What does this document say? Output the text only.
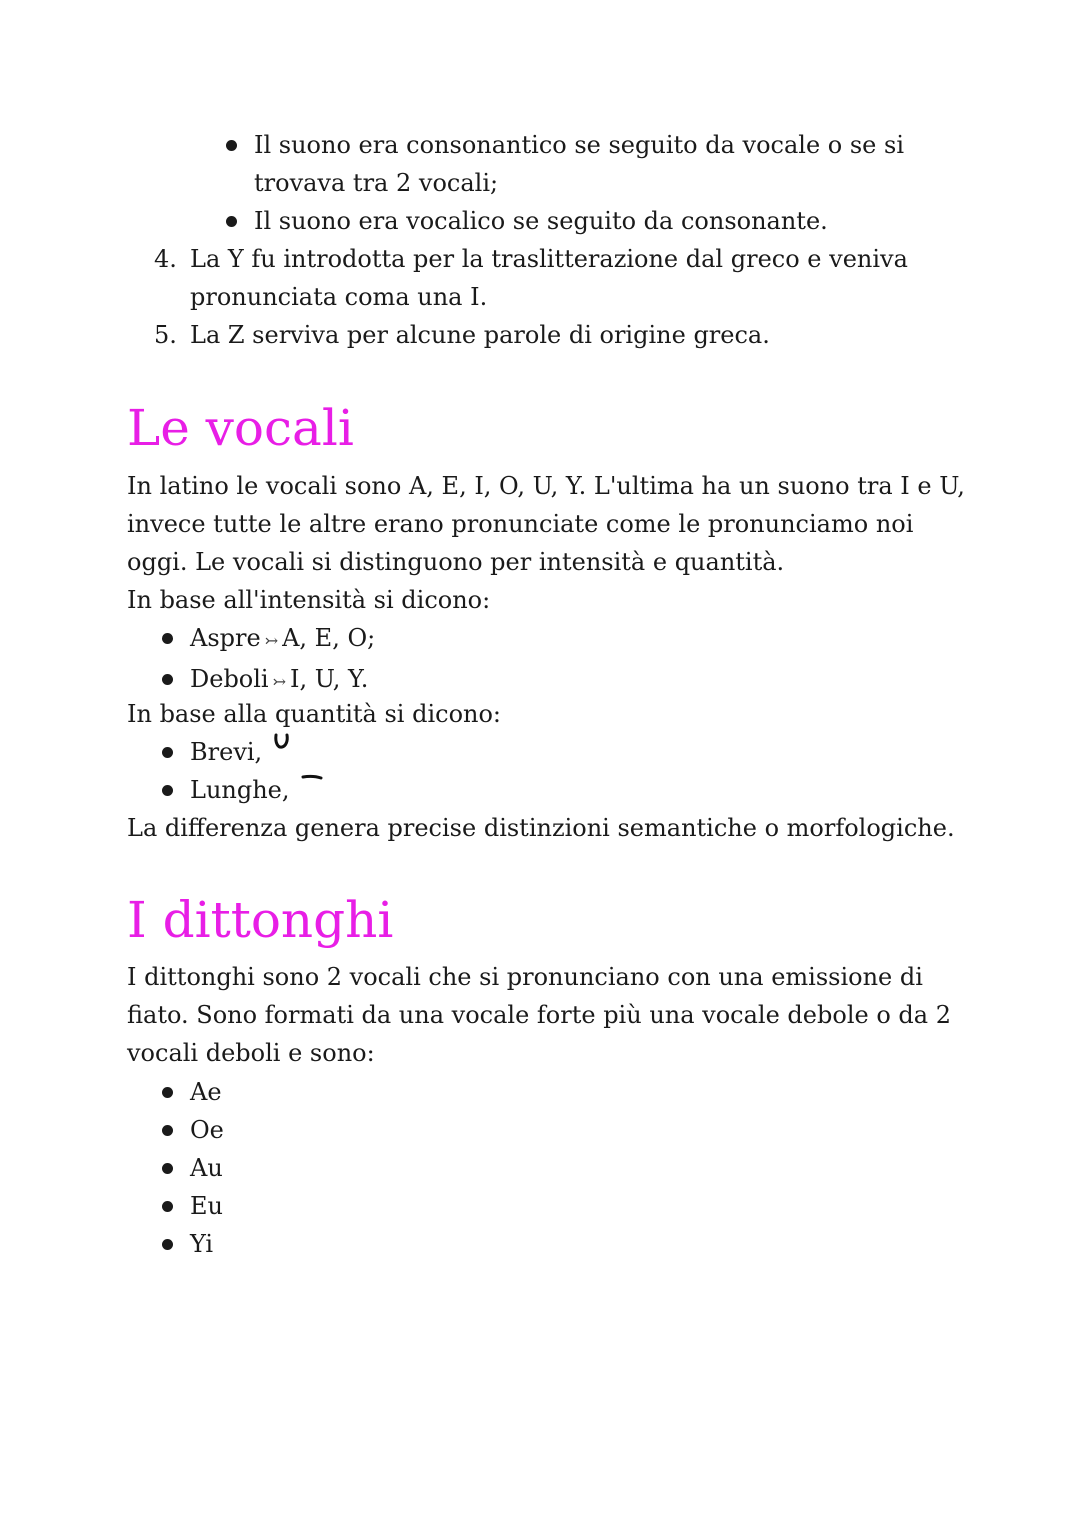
Il suono era consonantico se seguito da vocale o se si trovava tra 2 vocali;
Il suono era vocalico se seguito da consonante.
4. La Y fu introdotta per la traslitterazione dal greco e veniva pronunciata coma una I.
5. La Z serviva per alcune parole di origine greca.
Le vocali

In latino le vocali sono A, E, I, O, U, Y. L'ultima ha un suono tra I e U, invece tutte le altre erano pronunciate come le pronunciamo noi oggi. Le vocali si distinguono per intensità e quantità.

In base all'intensità si dicono:

Aspre ↣ A, E, O;
Deboli ↣ I, U, Y.

In base alla quantità si dicono:

Brevi,
Lunghe,

La differenza genera precise distinzioni semantiche o morfologiche.

I dittonghi

I dittonghi sono 2 vocali che si pronunciano con una emissione di fiato. Sono formati da una vocale forte più una vocale debole o da 2 vocali deboli e sono:

Ae
Oe
Au
Eu
Yi
